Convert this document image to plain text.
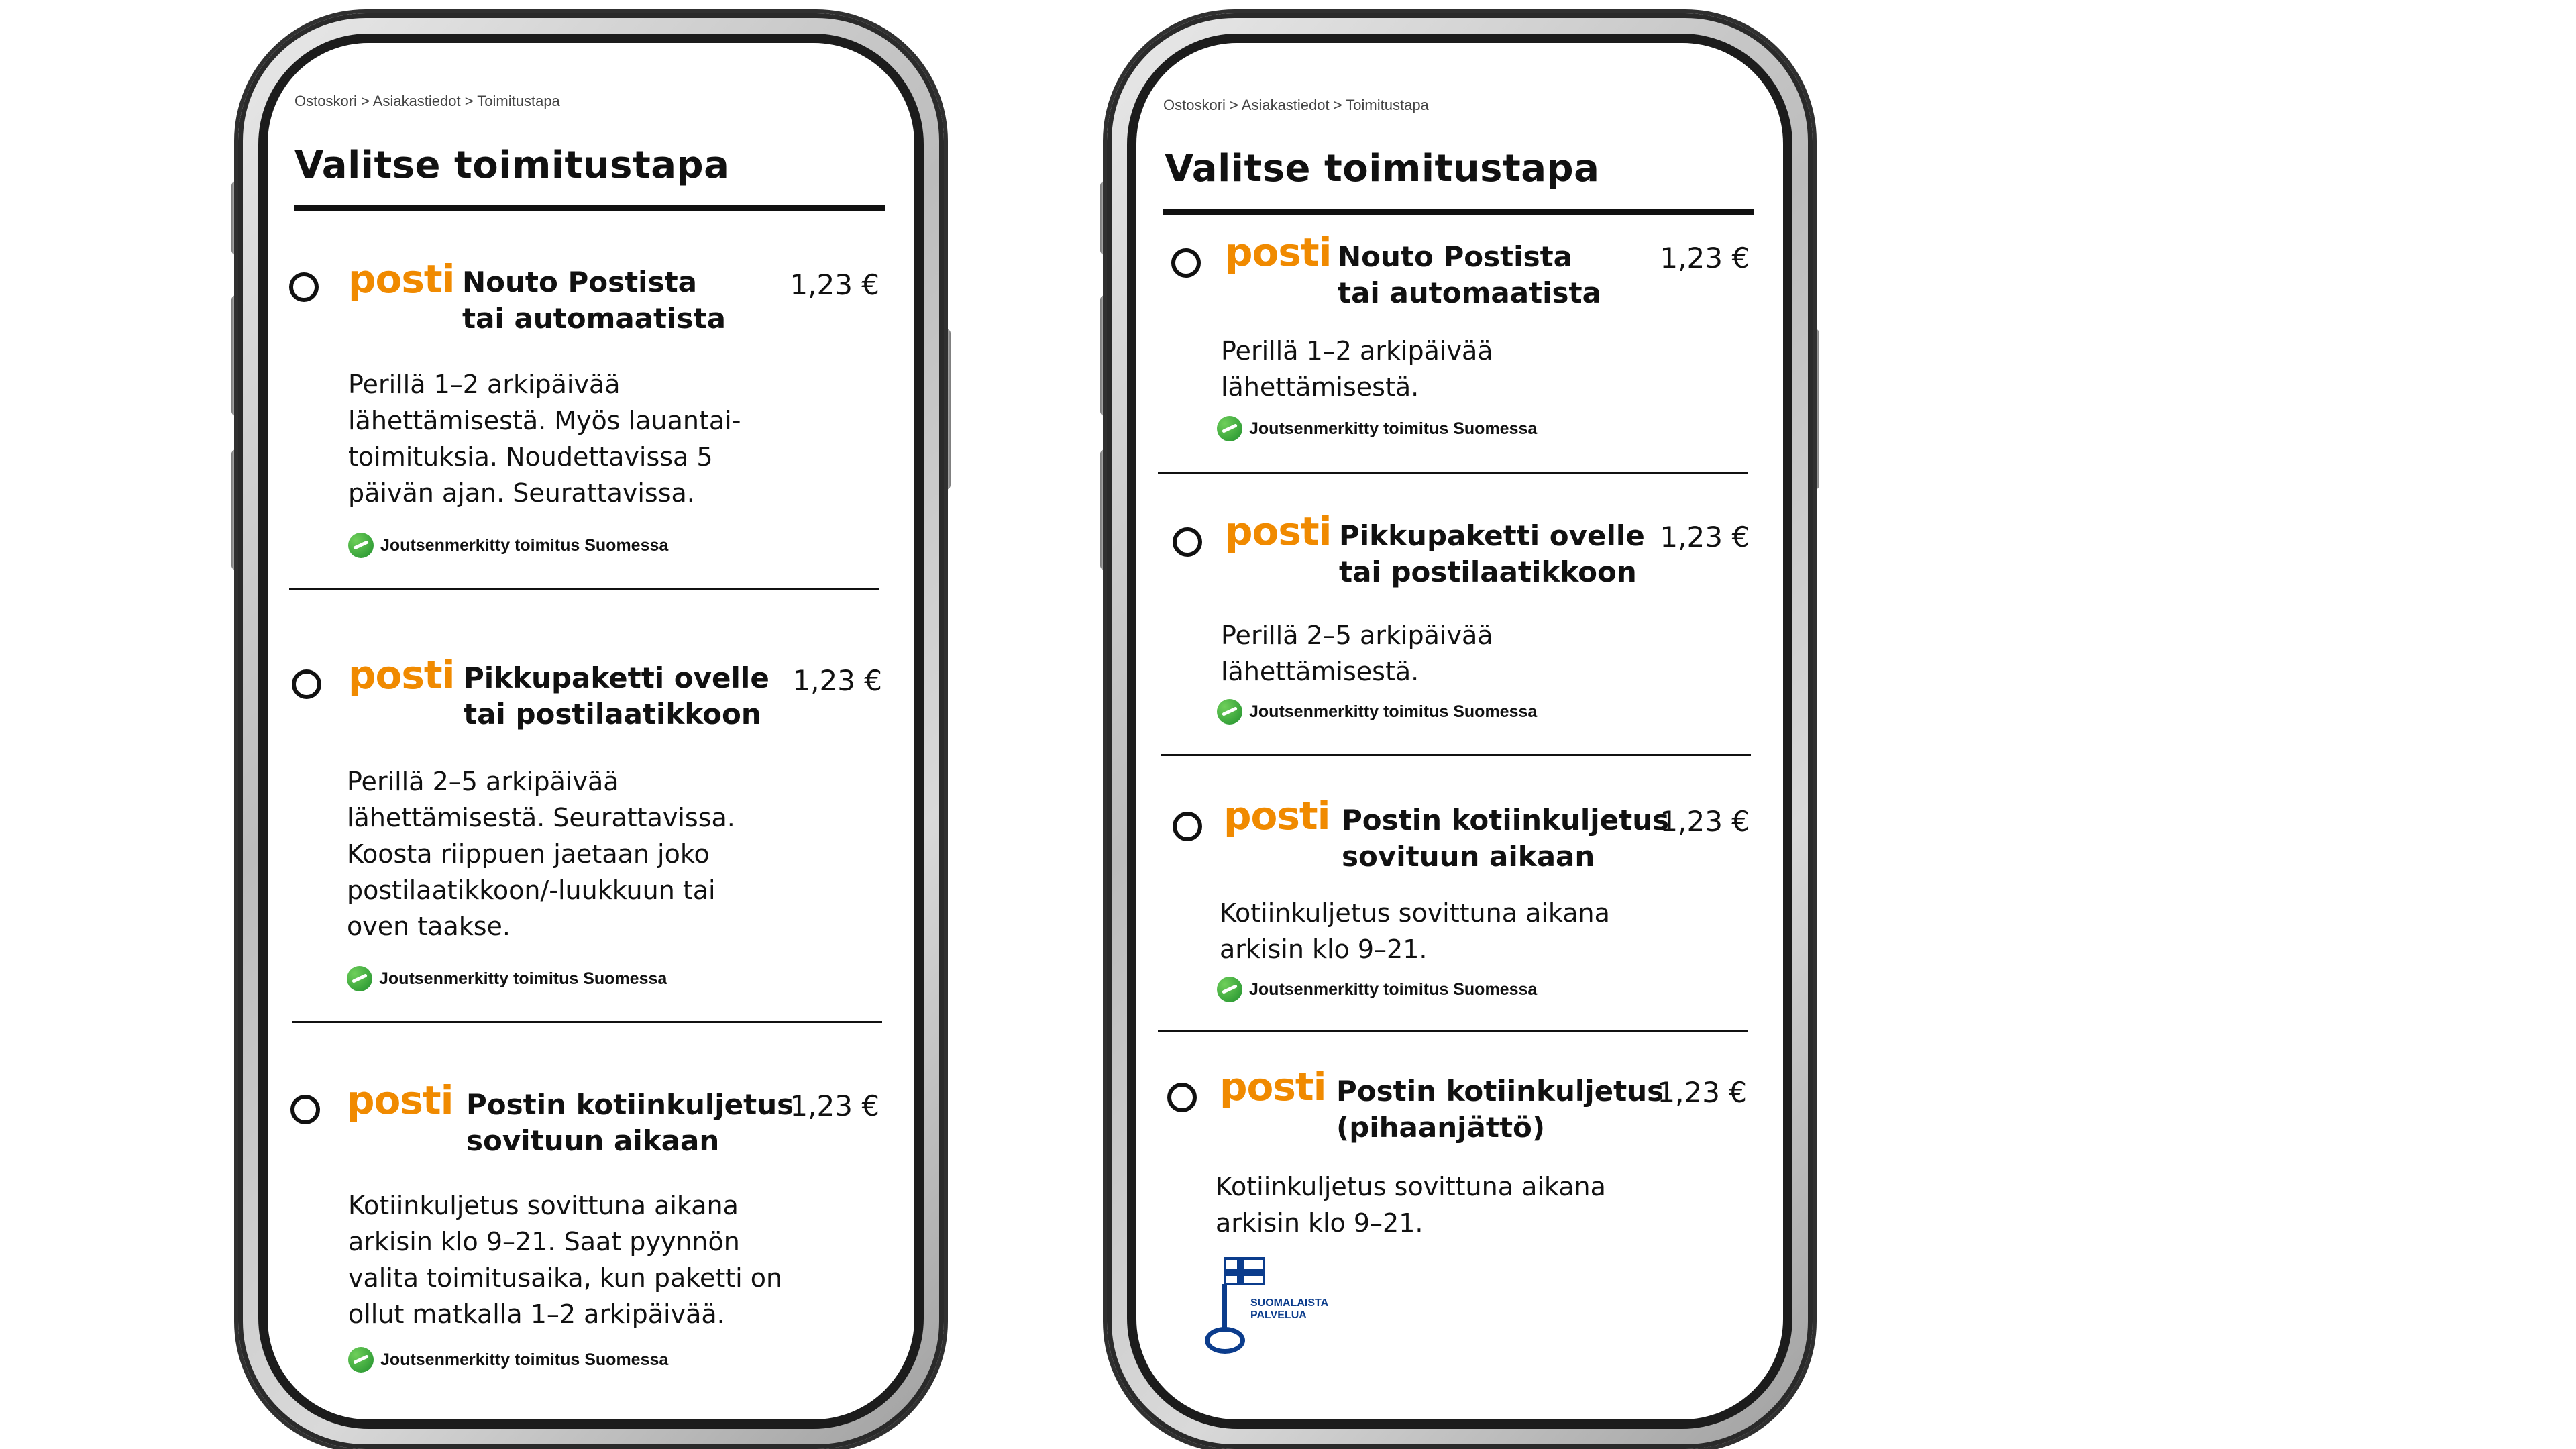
Ostoskori > Asiakastiedot > Toimitustapa
Valitse toimitustapa
posti Nouto Postista
tai automaatista
1,23 €
Perillä 1–2 arkipäivää
lähettämisestä. Myös lauantai-
toimituksia. Noudettavissa 5
päivän ajan. Seurattavissa.
Joutsenmerkitty toimitus Suomessa
posti Pikkupaketti ovelle
tai postilaatikkoon
1,23 €
Perillä 2–5 arkipäivää
lähettämisestä. Seurattavissa.
Koosta riippuen jaetaan joko
postilaatikkoon/-luukkuun tai
oven taakse.
Joutsenmerkitty toimitus Suomessa
posti Postin kotiinkuljetus
sovituun aikaan
1,23 €
Kotiinkuljetus sovittuna aikana
arkisin klo 9–21. Saat pyynnön
valita toimitusaika, kun paketti on
ollut matkalla 1–2 arkipäivää.
Joutsenmerkitty toimitus Suomessa
Ostoskori > Asiakastiedot > Toimitustapa
Valitse toimitustapa
posti Nouto Postista
tai automaatista
1,23 €
Perillä 1–2 arkipäivää
lähettämisestä.
Joutsenmerkitty toimitus Suomessa
posti Pikkupaketti ovelle
tai postilaatikkoon
1,23 €
Perillä 2–5 arkipäivää
lähettämisestä.
Joutsenmerkitty toimitus Suomessa
posti Postin kotiinkuljetus
sovituun aikaan
1,23 €
Kotiinkuljetus sovittuna aikana
arkisin klo 9–21.
Joutsenmerkitty toimitus Suomessa
posti Postin kotiinkuljetus
(pihaanjättö)
1,23 €
Kotiinkuljetus sovittuna aikana
arkisin klo 9–21.
SUOMALAISTA
PALVELUA
